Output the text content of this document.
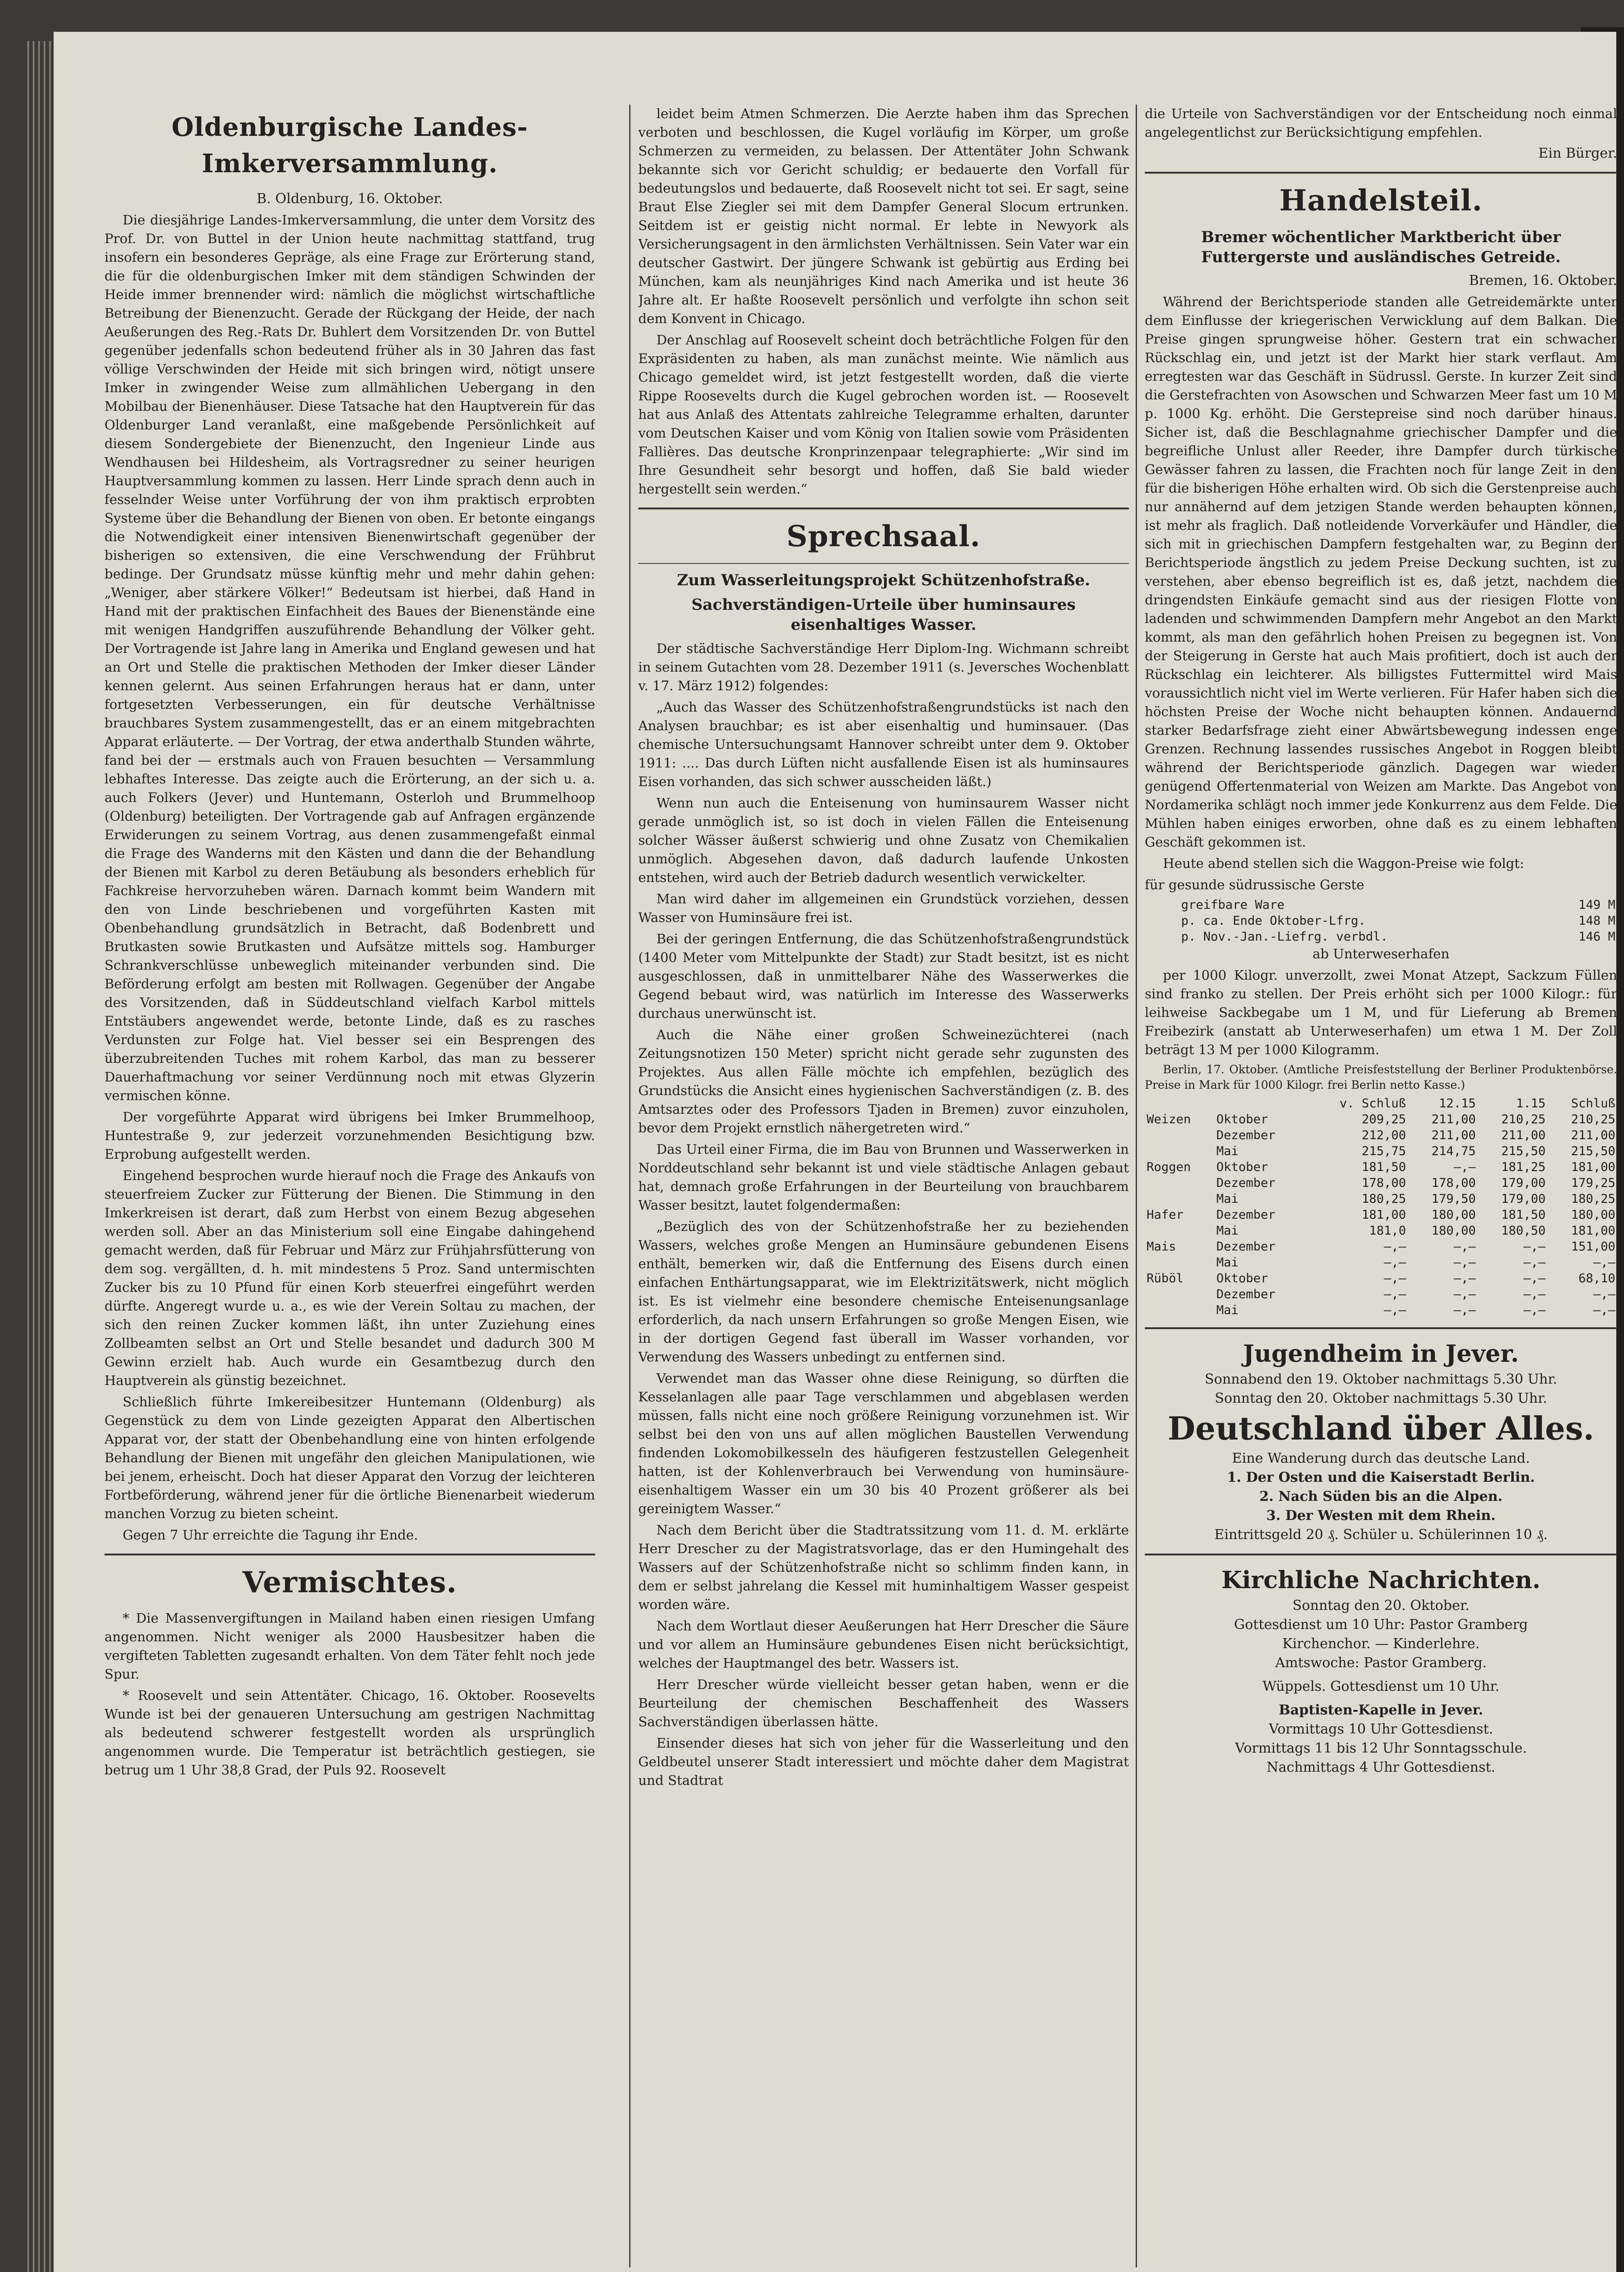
Oldenburgische Landes-Imkerversammlung.
B. Oldenburg, 16. Oktober.

Die diesjährige Landes-Imkerversammlung, die unter dem Vorsitz des Prof. Dr. von Buttel in der Union heute nachmittag stattfand, trug insofern ein besonderes Gepräge, als eine Frage zur Erörterung stand, die für die oldenburgischen Imker mit dem ständigen Schwinden der Heide immer brennender wird: nämlich die möglichst wirtschaftliche Betreibung der Bienenzucht. Gerade der Rückgang der Heide, der nach Aeußerungen des Reg.-Rats Dr. Buhlert dem Vorsitzenden Dr. von Buttel gegenüber jedenfalls schon bedeutend früher als in 30 Jahren das fast völlige Verschwinden der Heide mit sich bringen wird, nötigt unsere Imker in zwingender Weise zum allmählichen Uebergang in den Mobilbau der Bienenhäuser. Diese Tatsache hat den Hauptverein für das Oldenburger Land veranlaßt, eine maßgebende Persönlichkeit auf diesem Sondergebiete der Bienenzucht, den Ingenieur Linde aus Wendhausen bei Hildesheim, als Vortragsredner zu seiner heurigen Hauptversammlung kommen zu lassen. Herr Linde sprach denn auch in fesselnder Weise unter Vorführung der von ihm praktisch erprobten Systeme über die Behandlung der Bienen von oben. Er betonte eingangs die Notwendigkeit einer intensiven Bienenwirtschaft gegenüber der bisherigen so extensiven, die eine Verschwendung der Frühbrut bedinge. Der Grundsatz müsse künftig mehr und mehr dahin gehen: „Weniger, aber stärkere Völker!“ Bedeutsam ist hierbei, daß Hand in Hand mit der praktischen Einfachheit des Baues der Bienenstände eine mit wenigen Handgriffen auszuführende Behandlung der Völker geht. Der Vortragende ist Jahre lang in Amerika und England gewesen und hat an Ort und Stelle die praktischen Methoden der Imker dieser Länder kennen gelernt. Aus seinen Erfahrungen heraus hat er dann, unter fortgesetzten Verbesserungen, ein für deutsche Verhältnisse brauchbares System zusammengestellt, das er an einem mitgebrachten Apparat erläuterte. — Der Vortrag, der etwa anderthalb Stunden währte, fand bei der — erstmals auch von Frauen besuchten — Versammlung lebhaftes Interesse. Das zeigte auch die Erörterung, an der sich u. a. auch Folkers (Jever) und Huntemann, Osterloh und Brummelhoop (Oldenburg) beteiligten. Der Vortragende gab auf Anfragen ergänzende Erwiderungen zu seinem Vortrag, aus denen zusammengefaßt einmal die Frage des Wanderns mit den Kästen und dann die der Behandlung der Bienen mit Karbol zu deren Betäubung als besonders erheblich für Fachkreise hervorzuheben wären. Darnach kommt beim Wandern mit den von Linde beschriebenen und vorgeführten Kasten mit Obenbehandlung grundsätzlich in Betracht, daß Bodenbrett und Brutkasten sowie Brutkasten und Aufsätze mittels sog. Hamburger Schrankverschlüsse unbeweglich miteinander verbunden sind. Die Beförderung erfolgt am besten mit Rollwagen. Gegenüber der Angabe des Vorsitzenden, daß in Süddeutschland vielfach Karbol mittels Entstäubers angewendet werde, betonte Linde, daß es zu rasches Verdunsten zur Folge hat. Viel besser sei ein Besprengen des überzubreitenden Tuches mit rohem Karbol, das man zu besserer Dauerhaftmachung vor seiner Verdünnung noch mit etwas Glyzerin vermischen könne.

Der vorgeführte Apparat wird übrigens bei Imker Brummelhoop, Huntestraße 9, zur jederzeit vorzunehmenden Besichtigung bzw. Erprobung aufgestellt werden.

Eingehend besprochen wurde hierauf noch die Frage des Ankaufs von steuerfreiem Zucker zur Fütterung der Bienen. Die Stimmung in den Imkerkreisen ist derart, daß zum Herbst von einem Bezug abgesehen werden soll. Aber an das Ministerium soll eine Eingabe dahingehend gemacht werden, daß für Februar und März zur Frühjahrsfütterung von dem sog. vergällten, d. h. mit mindestens 5 Proz. Sand untermischten Zucker bis zu 10 Pfund für einen Korb steuerfrei eingeführt werden dürfte. Angeregt wurde u. a., es wie der Verein Soltau zu machen, der sich den reinen Zucker kommen läßt, ihn unter Zuziehung eines Zollbeamten selbst an Ort und Stelle besandet und dadurch 300 M Gewinn erzielt hab. Auch wurde ein Gesamtbezug durch den Hauptverein als günstig bezeichnet.

Schließlich führte Imkereibesitzer Huntemann (Oldenburg) als Gegenstück zu dem von Linde gezeigten Apparat den Albertischen Apparat vor, der statt der Obenbehandlung eine von hinten erfolgende Behandlung der Bienen mit ungefähr den gleichen Manipulationen, wie bei jenem, erheischt. Doch hat dieser Apparat den Vorzug der leichteren Fortbeförderung, während jener für die örtliche Bienenarbeit wiederum manchen Vorzug zu bieten scheint.

Gegen 7 Uhr erreichte die Tagung ihr Ende.

Vermischtes.

* Die Massenvergiftungen in Mailand haben einen riesigen Umfang angenommen. Nicht weniger als 2000 Hausbesitzer haben die vergifteten Tabletten zugesandt erhalten. Von dem Täter fehlt noch jede Spur.

* Roosevelt und sein Attentäter. Chicago, 16. Oktober. Roosevelts Wunde ist bei der genaueren Untersuchung am gestrigen Nachmittag als bedeutend schwerer festgestellt worden als ursprünglich angenommen wurde. Die Temperatur ist beträchtlich gestiegen, sie betrug um 1 Uhr 38,8 Grad, der Puls 92. Roosevelt

leidet beim Atmen Schmerzen. Die Aerzte haben ihm das Sprechen verboten und beschlossen, die Kugel vorläufig im Körper, um große Schmerzen zu vermeiden, zu belassen. Der Attentäter John Schwank bekannte sich vor Gericht schuldig; er bedauerte den Vorfall für bedeutungslos und bedauerte, daß Roosevelt nicht tot sei. Er sagt, seine Braut Else Ziegler sei mit dem Dampfer General Slocum ertrunken. Seitdem ist er geistig nicht normal. Er lebte in Newyork als Versicherungsagent in den ärmlichsten Verhältnissen. Sein Vater war ein deutscher Gastwirt. Der jüngere Schwank ist gebürtig aus Erding bei München, kam als neunjähriges Kind nach Amerika und ist heute 36 Jahre alt. Er haßte Roosevelt persönlich und verfolgte ihn schon seit dem Konvent in Chicago.

Der Anschlag auf Roosevelt scheint doch beträchtliche Folgen für den Expräsidenten zu haben, als man zunächst meinte. Wie nämlich aus Chicago gemeldet wird, ist jetzt festgestellt worden, daß die vierte Rippe Roosevelts durch die Kugel gebrochen worden ist. — Roosevelt hat aus Anlaß des Attentats zahlreiche Telegramme erhalten, darunter vom Deutschen Kaiser und vom König von Italien sowie vom Präsidenten Fallières. Das deutsche Kronprinzenpaar telegraphierte: „Wir sind im Ihre Gesundheit sehr besorgt und hoffen, daß Sie bald wieder hergestellt sein werden.“

Sprechsaal.
Zum Wasserleitungsprojekt Schützenhofstraße.
Sachverständigen-Urteile über huminsaures eisenhaltiges Wasser.

Der städtische Sachverständige Herr Diplom-Ing. Wichmann schreibt in seinem Gutachten vom 28. Dezember 1911 (s. Jeversches Wochenblatt v. 17. März 1912) folgendes:

„Auch das Wasser des Schützenhofstraßengrundstücks ist nach den Analysen brauchbar; es ist aber eisenhaltig und huminsauer. (Das chemische Untersuchungsamt Hannover schreibt unter dem 9. Oktober 1911: .... Das durch Lüften nicht ausfallende Eisen ist als huminsaures Eisen vorhanden, das sich schwer ausscheiden läßt.)

Wenn nun auch die Enteisenung von huminsaurem Wasser nicht gerade unmöglich ist, so ist doch in vielen Fällen die Enteisenung solcher Wässer äußerst schwierig und ohne Zusatz von Chemikalien unmöglich. Abgesehen davon, daß dadurch laufende Unkosten entstehen, wird auch der Betrieb dadurch wesentlich verwickelter.

Man wird daher im allgemeinen ein Grundstück vorziehen, dessen Wasser von Huminsäure frei ist.

Bei der geringen Entfernung, die das Schützenhofstraßengrundstück (1400 Meter vom Mittelpunkte der Stadt) zur Stadt besitzt, ist es nicht ausgeschlossen, daß in unmittelbarer Nähe des Wasserwerkes die Gegend bebaut wird, was natürlich im Interesse des Wasserwerks durchaus unerwünscht ist.

Auch die Nähe einer großen Schweinezüchterei (nach Zeitungsnotizen 150 Meter) spricht nicht gerade sehr zugunsten des Projektes. Aus allen Fälle möchte ich empfehlen, bezüglich des Grundstücks die Ansicht eines hygienischen Sachverständigen (z. B. des Amtsarztes oder des Professors Tjaden in Bremen) zuvor einzuholen, bevor dem Projekt ernstlich nähergetreten wird.“

Das Urteil einer Firma, die im Bau von Brunnen und Wasserwerken in Norddeutschland sehr bekannt ist und viele städtische Anlagen gebaut hat, demnach große Erfahrungen in der Beurteilung von brauchbarem Wasser besitzt, lautet folgendermaßen:

„Bezüglich des von der Schützenhofstraße her zu beziehenden Wassers, welches große Mengen an Huminsäure gebundenen Eisens enthält, bemerken wir, daß die Entfernung des Eisens durch einen einfachen Enthärtungsapparat, wie im Elektrizitätswerk, nicht möglich ist. Es ist vielmehr eine besondere chemische Enteisenungsanlage erforderlich, da nach unsern Erfahrungen so große Mengen Eisen, wie in der dortigen Gegend fast überall im Wasser vorhanden, vor Verwendung des Wassers unbedingt zu entfernen sind.

Verwendet man das Wasser ohne diese Reinigung, so dürften die Kesselanlagen alle paar Tage verschlammen und abgeblasen werden müssen, falls nicht eine noch größere Reinigung vorzunehmen ist. Wir selbst bei den von uns auf allen möglichen Baustellen Verwendung findenden Lokomobilkesseln des häufigeren festzustellen Gelegenheit hatten, ist der Kohlenverbrauch bei Verwendung von huminsäure-eisenhaltigem Wasser ein um 30 bis 40 Prozent größerer als bei gereinigtem Wasser.“

Nach dem Bericht über die Stadtratssitzung vom 11. d. M. erklärte Herr Drescher zu der Magistratsvorlage, das er den Humingehalt des Wassers auf der Schützenhofstraße nicht so schlimm finden kann, in dem er selbst jahrelang die Kessel mit huminhaltigem Wasser gespeist worden wäre.

Nach dem Wortlaut dieser Aeußerungen hat Herr Drescher die Säure und vor allem an Huminsäure gebundenes Eisen nicht berücksichtigt, welches der Hauptmangel des betr. Wassers ist.

Herr Drescher würde vielleicht besser getan haben, wenn er die Beurteilung der chemischen Beschaffenheit des Wassers Sachverständigen überlassen hätte.

Einsender dieses hat sich von jeher für die Wasserleitung und den Geldbeutel unserer Stadt interessiert und möchte daher dem Magistrat und Stadtrat

die Urteile von Sachverständigen vor der Entscheidung noch einmal angelegentlichst zur Berücksichtigung empfehlen.

Ein Bürger.
Handelsteil.
Bremer wöchentlicher Marktbericht über Futtergerste und ausländisches Getreide.
Bremen, 16. Oktober.

Während der Berichtsperiode standen alle Getreidemärkte unter dem Einflusse der kriegerischen Verwicklung auf dem Balkan. Die Preise gingen sprungweise höher. Gestern trat ein schwacher Rückschlag ein, und jetzt ist der Markt hier stark verflaut. Am erregtesten war das Geschäft in Südrussl. Gerste. In kurzer Zeit sind die Gerstefrachten von Asowschen und Schwarzen Meer fast um 10 M p. 1000 Kg. erhöht. Die Gerstepreise sind noch darüber hinaus. Sicher ist, daß die Beschlagnahme griechischer Dampfer und die begreifliche Unlust aller Reeder, ihre Dampfer durch türkische Gewässer fahren zu lassen, die Frachten noch für lange Zeit in den für die bisherigen Höhe erhalten wird. Ob sich die Gerstenpreise auch nur annähernd auf dem jetzigen Stande werden behaupten können, ist mehr als fraglich. Daß notleidende Vorverkäufer und Händler, die sich mit in griechischen Dampfern festgehalten war, zu Beginn der Berichtsperiode ängstlich zu jedem Preise Deckung suchten, ist zu verstehen, aber ebenso begreiflich ist es, daß jetzt, nachdem die dringendsten Einkäufe gemacht sind aus der riesigen Flotte von ladenden und schwimmenden Dampfern mehr Angebot an den Markt kommt, als man den gefährlich hohen Preisen zu begegnen ist. Von der Steigerung in Gerste hat auch Mais profitiert, doch ist auch der Rückschlag ein leichterer. Als billigstes Futtermittel wird Mais voraussichtlich nicht viel im Werte verlieren. Für Hafer haben sich die höchsten Preise der Woche nicht behaupten können. Andauernd starker Bedarfsfrage zieht einer Abwärtsbewegung indessen enge Grenzen. Rechnung lassendes russisches Angebot in Roggen bleibt während der Berichtsperiode gänzlich. Dagegen war wieder genügend Offertenmaterial von Weizen am Markte. Das Angebot von Nordamerika schlägt noch immer jede Konkurrenz aus dem Felde. Die Mühlen haben einiges erworben, ohne daß es zu einem lebhaften Geschäft gekommen ist.

Heute abend stellen sich die Waggon-Preise wie folgt:

für gesunde südrussische Gerste

greifbare Ware	149 M
p. ca. Ende Oktober-Lfrg.	148 M
p. Nov.-Jan.-Liefrg. verbdl.	146 M

ab Unterweserhafen

per 1000 Kilogr. unverzollt, zwei Monat Atzept, Sackzum Füllen sind franko zu stellen. Der Preis erhöht sich per 1000 Kilogr.: für leihweise Sackbegabe um 1 M, und für Lieferung ab Bremen Freibezirk (anstatt ab Unterweserhafen) um etwa 1 M. Der Zoll beträgt 13 M per 1000 Kilogramm.

Berlin, 17. Oktober. (Amtliche Preisfeststellung der Berliner Produktenbörse. Preise in Mark für 1000 Kilogr. frei Berlin netto Kasse.)

		v. Schluß	12.15	1.15	Schluß
Weizen	Oktober	209,25	211,00	210,25	210,25
	Dezember	212,00	211,00	211,00	211,00
	Mai	215,75	214,75	215,50	215,50
Roggen	Oktober	181,50	—,—	181,25	181,00
	Dezember	178,00	178,00	179,00	179,25
	Mai	180,25	179,50	179,00	180,25
Hafer	Dezember	181,00	180,00	181,50	180,00
	Mai	181,0	180,00	180,50	181,00
Mais	Dezember	—,—	—,—	—,—	151,00
	Mai	—,—	—,—	—,—	—,—
Rüböl	Oktober	—,—	—,—	—,—	68,10
	Dezember	—,—	—,—	—,—	—,—
	Mai	—,—	—,—	—,—	—,—
Jugendheim in Jever.
Sonnabend den 19. Oktober nachmittags 5.30 Uhr.
Sonntag den 20. Oktober nachmittags 5.30 Uhr.
Deutschland über Alles.
Eine Wanderung durch das deutsche Land.
1. Der Osten und die Kaiserstadt Berlin.
2. Nach Süden bis an die Alpen.
3. Der Westen mit dem Rhein.
Eintrittsgeld 20 ₰. Schüler u. Schülerinnen 10 ₰.
Kirchliche Nachrichten.
Sonntag den 20. Oktober.
Gottesdienst um 10 Uhr: Pastor Gramberg
Kirchenchor. — Kinderlehre.
Amtswoche: Pastor Gramberg.
Wüppels. Gottesdienst um 10 Uhr.
Baptisten-Kapelle in Jever.
Vormittags 10 Uhr Gottesdienst.
Vormittags 11 bis 12 Uhr Sonntagsschule.
Nachmittags 4 Uhr Gottesdienst.
